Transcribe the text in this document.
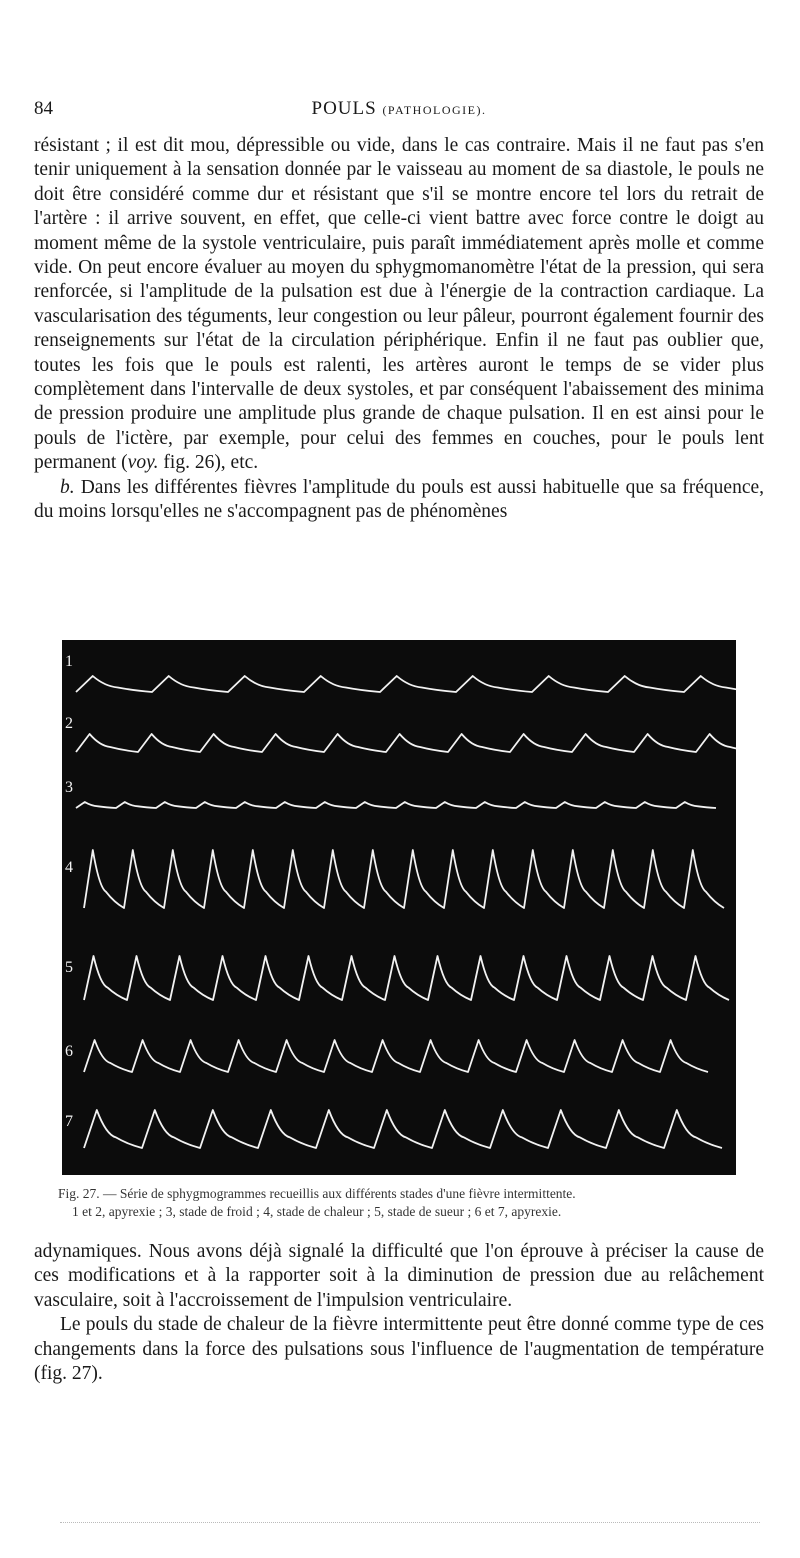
84	POULS (PATHOLOGIE).

résistant ; il est dit mou, dépressible ou vide, dans le cas contraire. Mais il ne faut pas s'en tenir uniquement à la sensation donnée par le vaisseau au moment de sa diastole, le pouls ne doit être considéré comme dur et résistant que s'il se montre encore tel lors du retrait de l'artère : il arrive souvent, en effet, que celle-ci vient battre avec force contre le doigt au moment même de la systole ventriculaire, puis paraît immédiatement après molle et comme vide. On peut encore évaluer au moyen du sphygmomanomètre l'état de la pression, qui sera renforcée, si l'amplitude de la pulsation est due à l'énergie de la contraction cardiaque. La vascularisation des téguments, leur congestion ou leur pâleur, pourront également fournir des renseignements sur l'état de la circulation périphérique. Enfin il ne faut pas oublier que, toutes les fois que le pouls est ralenti, les artères auront le temps de se vider plus complètement dans l'intervalle de deux systoles, et par conséquent l'abaissement des minima de pression produire une amplitude plus grande de chaque pulsation. Il en est ainsi pour le pouls de l'ictère, par exemple, pour celui des femmes en couches, pour le pouls lent permanent (voy. fig. 26), etc.

b. Dans les différentes fièvres l'amplitude du pouls est aussi habituelle que sa fréquence, du moins lorsqu'elles ne s'accompagnent pas de phénomènes

1
2
3
4
5
6
7

Fig. 27. — Série de sphygmogrammes recueillis aux différents stades d'une fièvre intermittente.

1 et 2, apyrexie ; 3, stade de froid ; 4, stade de chaleur ; 5, stade de sueur ; 6 et 7, apyrexie.

adynamiques. Nous avons déjà signalé la difficulté que l'on éprouve à préciser la cause de ces modifications et à la rapporter soit à la diminution de pression due au relâchement vasculaire, soit à l'accroissement de l'impulsion ventriculaire.

Le pouls du stade de chaleur de la fièvre intermittente peut être donné comme type de ces changements dans la force des pulsations sous l'influence de l'augmentation de température (fig. 27).
